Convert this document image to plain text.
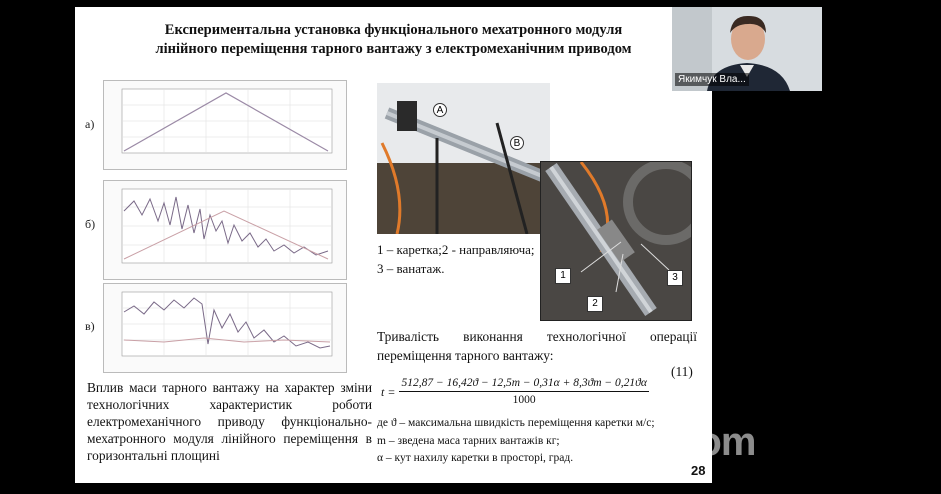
Експериментальна установка функціонального мехатронного модуля
лінійного переміщення тарного вантажу з електромеханічним приводом
а)
б)
в)
Вплив маси тарного вантажу на характер зміни технологічних характеристик роботи електромеханічного приводу функціонально-мехатронного модуля лінійного переміщення в горизонтальні площині
A
B
1
2
3
1 – каретка;2 - направляюча; 3 – ванатаж.
Тривалість виконання технологічної операції переміщення тарного вантажу:
(11)
t =	512,87 − 16,42ϑ − 12,5m − 0,31α + 8,3ϑm − 0,21ϑα
1000
де ϑ – максимальна швидкість переміщення каретки м/с;
m – зведена маса тарних вантажів кг;
α – кут нахилу каретки в просторі, град.
28
zoom
Якимчук Вла...
